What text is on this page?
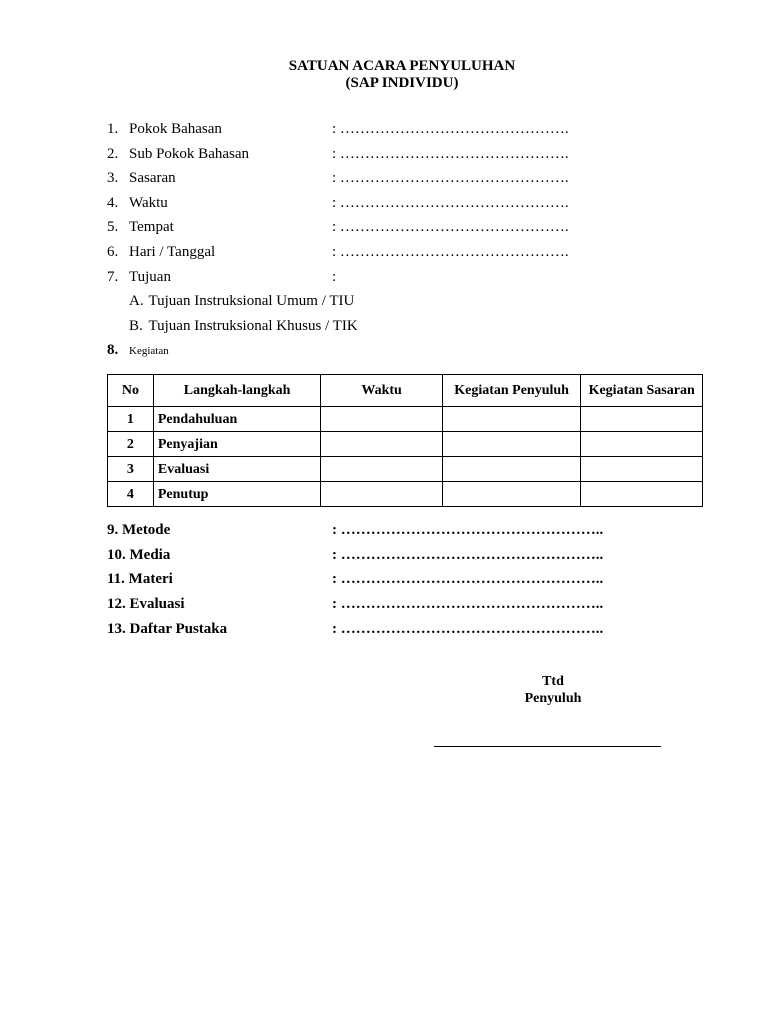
SATUAN ACARA PENYULUHAN
(SAP INDIVIDU)
1. Pokok Bahasan	: ……………………………………….
2. Sub Pokok Bahasan	: ……………………………………….
3. Sasaran	: ……………………………………….
4. Waktu	: ……………………………………….
5. Tempat	: ……………………………………….
6. Hari / Tanggal	: ……………………………………….
7. Tujuan	:
A. Tujuan Instruksional Umum / TIU
B. Tujuan Instruksional Khusus / TIK
8. Kegiatan
No	Langkah-langkah	Waktu	Kegiatan Penyuluh	Kegiatan Sasaran
1	Pendahuluan			
2	Penyajian			
3	Evaluasi			
4	Penutup			
9. Metode	: ……………………………………………..
10. Media	: ……………………………………………..
11. Materi	: ……………………………………………..
12. Evaluasi	: ……………………………………………..
13. Daftar Pustaka	: ……………………………………………..
Ttd
Penyuluh
